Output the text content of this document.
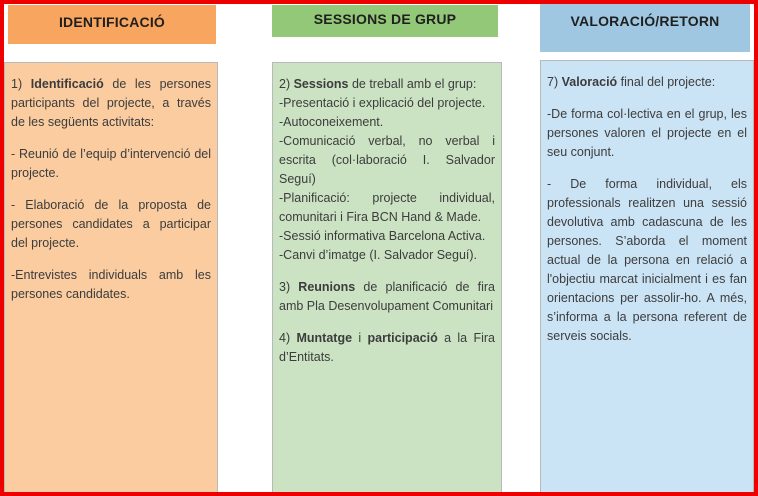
IDENTIFICACIÓ
1) Identificació de les persones participants del projecte, a través de les següents activitats:
- Reunió de l’equip d’intervenció del projecte.
- Elaboració de la proposta de persones candidates a participar del projecte.
-Entrevistes individuals amb les persones candidates.
SESSIONS DE GRUP
2) Sessions de treball amb el grup:
-Presentació i explicació del projecte.
-Autoconeixement.
-Comunicació verbal, no verbal i escrita (col·laboració I. Salvador Seguí)
-Planificació: projecte individual, comunitari i Fira BCN Hand & Made.
-Sessió informativa Barcelona Activa.
-Canvi d’imatge (I. Salvador Seguí).
3) Reunions de planificació de fira amb Pla Desenvolupament Comunitari
4) Muntatge i participació a la Fira d’Entitats.
VALORACIÓ/RETORN
7) Valoració final del projecte:
-De forma col·lectiva en el grup, les persones valoren el projecte en el seu conjunt.
- De forma individual, els professionals realitzen una sessió devolutiva amb cadascuna de les persones. S’aborda el moment actual de la persona en relació a l'objectiu marcat inicialment i es fan orientacions per assolir-ho. A més, s’informa a la persona referent de serveis socials.
